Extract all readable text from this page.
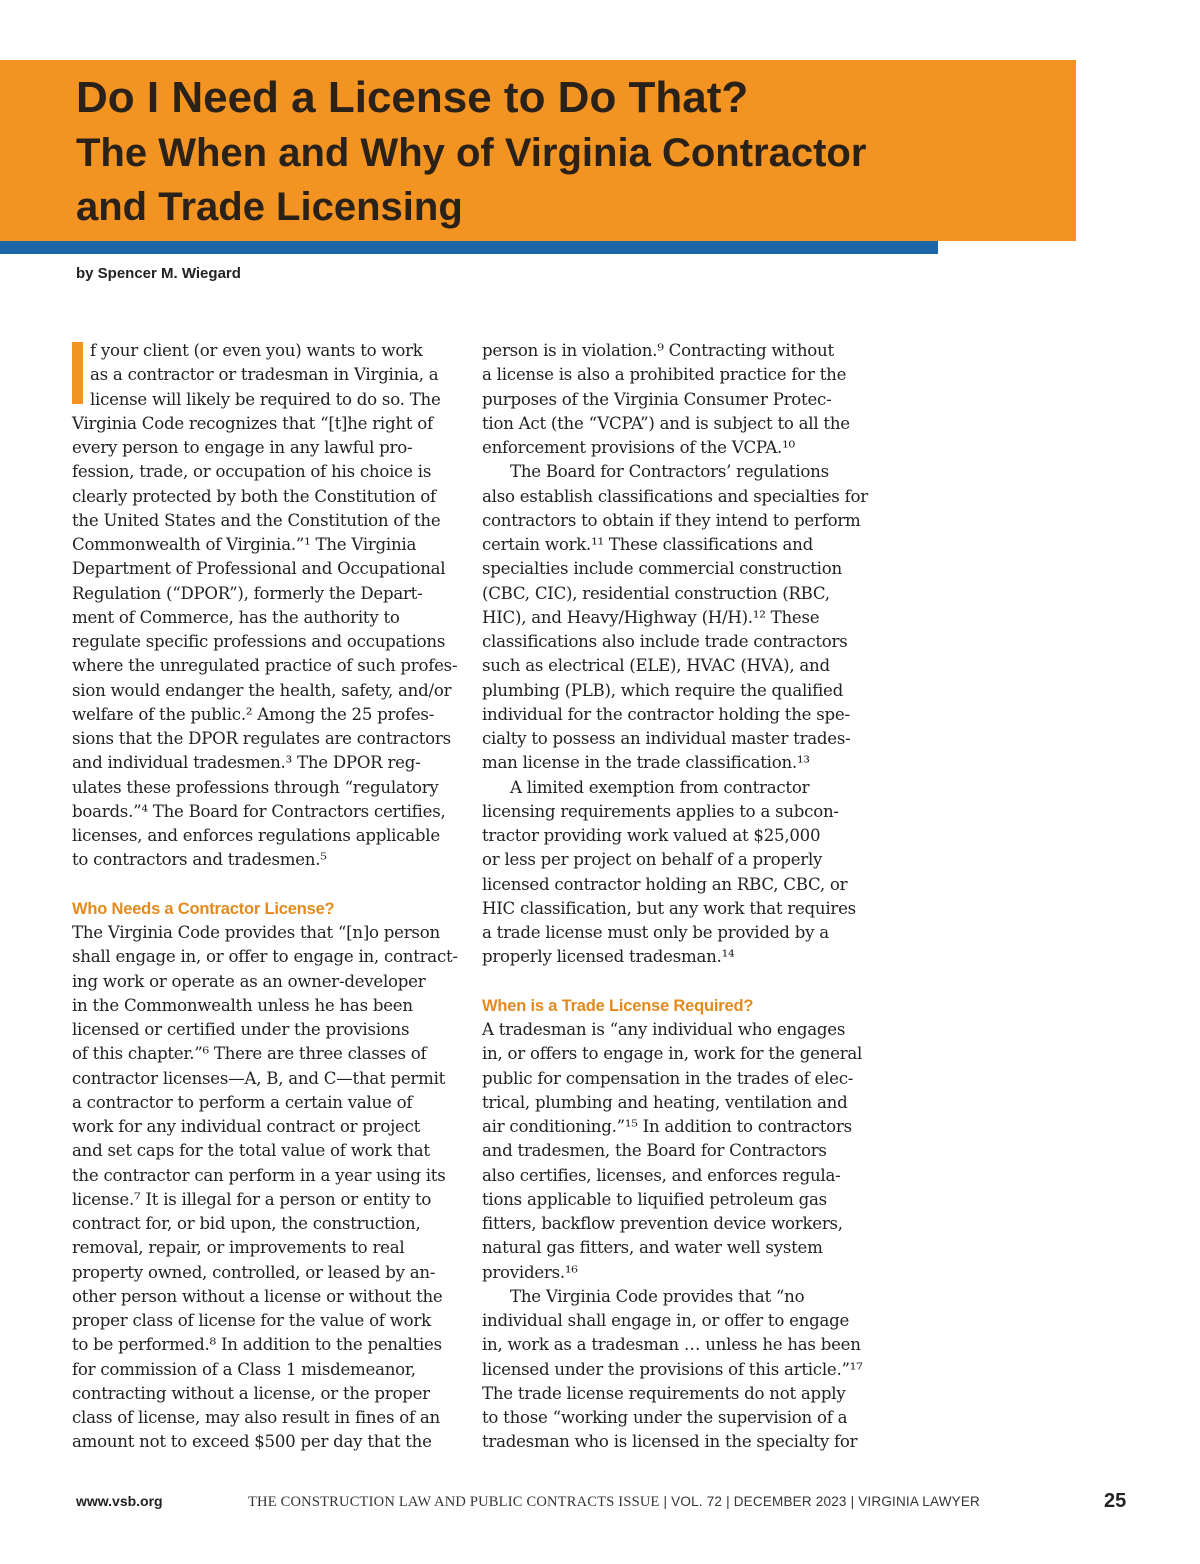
Do I Need a License to Do That?
The When and Why of Virginia Contractor
and Trade Licensing
by Spencer M. Wiegard
f your client (or even you) wants to work
as a contractor or tradesman in Virginia, a
license will likely be required to do so. The
Virginia Code recognizes that “[t]he right of
every person to engage in any lawful pro-
fession, trade, or occupation of his choice is
clearly protected by both the Constitution of
the United States and the Constitution of the
Commonwealth of Virginia.”¹ The Virginia
Department of Professional and Occupational
Regulation (“DPOR”), formerly the Depart-
ment of Commerce, has the authority to
regulate specific professions and occupations
where the unregulated practice of such profes-
sion would endanger the health, safety, and/or
welfare of the public.² Among the 25 profes-
sions that the DPOR regulates are contractors
and individual tradesmen.³ The DPOR reg-
ulates these professions through “regulatory
boards.”⁴ The Board for Contractors certifies,
licenses, and enforces regulations applicable
to contractors and tradesmen.⁵
Who Needs a Contractor License?
The Virginia Code provides that “[n]o person
shall engage in, or offer to engage in, contract-
ing work or operate as an owner-developer
in the Commonwealth unless he has been
licensed or certified under the provisions
of this chapter.”⁶ There are three classes of
contractor licenses—A, B, and C—that permit
a contractor to perform a certain value of
work for any individual contract or project
and set caps for the total value of work that
the contractor can perform in a year using its
license.⁷ It is illegal for a person or entity to
contract for, or bid upon, the construction,
removal, repair, or improvements to real
property owned, controlled, or leased by an-
other person without a license or without the
proper class of license for the value of work
to be performed.⁸ In addition to the penalties
for commission of a Class 1 misdemeanor,
contracting without a license, or the proper
class of license, may also result in fines of an
amount not to exceed $500 per day that the
person is in violation.⁹ Contracting without
a license is also a prohibited practice for the
purposes of the Virginia Consumer Protec-
tion Act (the “VCPA”) and is subject to all the
enforcement provisions of the VCPA.¹⁰
The Board for Contractors’ regulations
also establish classifications and specialties for
contractors to obtain if they intend to perform
certain work.¹¹ These classifications and
specialties include commercial construction
(CBC, CIC), residential construction (RBC,
HIC), and Heavy/Highway (H/H).¹² These
classifications also include trade contractors
such as electrical (ELE), HVAC (HVA), and
plumbing (PLB), which require the qualified
individual for the contractor holding the spe-
cialty to possess an individual master trades-
man license in the trade classification.¹³
A limited exemption from contractor
licensing requirements applies to a subcon-
tractor providing work valued at $25,000
or less per project on behalf of a properly
licensed contractor holding an RBC, CBC, or
HIC classification, but any work that requires
a trade license must only be provided by a
properly licensed tradesman.¹⁴
When is a Trade License Required?
A tradesman is “any individual who engages
in, or offers to engage in, work for the general
public for compensation in the trades of elec-
trical, plumbing and heating, ventilation and
air conditioning.”¹⁵ In addition to contractors
and tradesmen, the Board for Contractors
also certifies, licenses, and enforces regula-
tions applicable to liquified petroleum gas
fitters, backflow prevention device workers,
natural gas fitters, and water well system
providers.¹⁶
The Virginia Code provides that “no
individual shall engage in, or offer to engage
in, work as a tradesman … unless he has been
licensed under the provisions of this article.”¹⁷
The trade license requirements do not apply
to those “working under the supervision of a
tradesman who is licensed in the specialty for
www.vsb.org	THE CONSTRUCTION LAW AND PUBLIC CONTRACTS ISSUE | VOL. 72 | DECEMBER 2023 | VIRGINIA LAWYER	25
